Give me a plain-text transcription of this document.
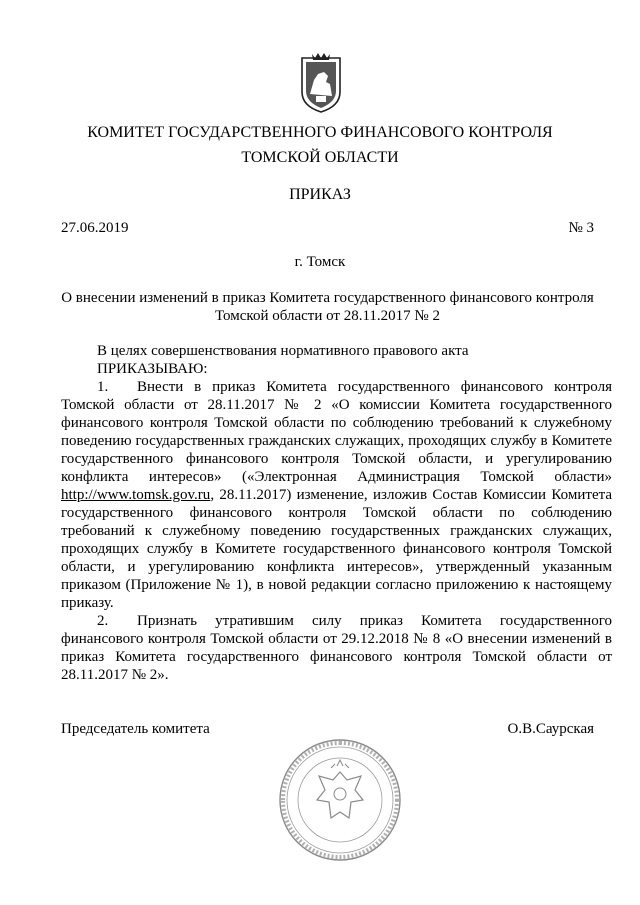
КОМИТЕТ ГОСУДАРСТВЕННОГО ФИНАНСОВОГО КОНТРОЛЯ
ТОМСКОЙ ОБЛАСТИ
ПРИКАЗ
27.06.2019	№ 3
г. Томск
О внесении изменений в приказ Комитета государственного финансового контроля Томской области от 28.11.2017 № 2
В целях совершенствования нормативного правового акта
ПРИКАЗЫВАЮ:
1. Внести в приказ Комитета государственного финансового контроля Томской области от 28.11.2017 № 2 «О комиссии Комитета государственного финансового контроля Томской области по соблюдению требований к служебному поведению государственных гражданских служащих, проходящих службу в Комитете государственного финансового контроля Томской области, и урегулированию конфликта интересов» («Электронная Администрация Томской области» http://www.tomsk.gov.ru, 28.11.2017) изменение, изложив Состав Комиссии Комитета государственного финансового контроля Томской области по соблюдению требований к служебному поведению государственных гражданских служащих, проходящих службу в Комитете государственного финансового контроля Томской области, и урегулированию конфликта интересов», утвержденный указанным приказом (Приложение № 1), в новой редакции согласно приложению к настоящему приказу.
2. Признать утратившим силу приказ Комитета государственного финансового контроля Томской области от 29.12.2018 № 8 «О внесении изменений в приказ Комитета государственного финансового контроля Томской области от 28.11.2017 № 2».
Председатель комитета	О.В.Саурская
